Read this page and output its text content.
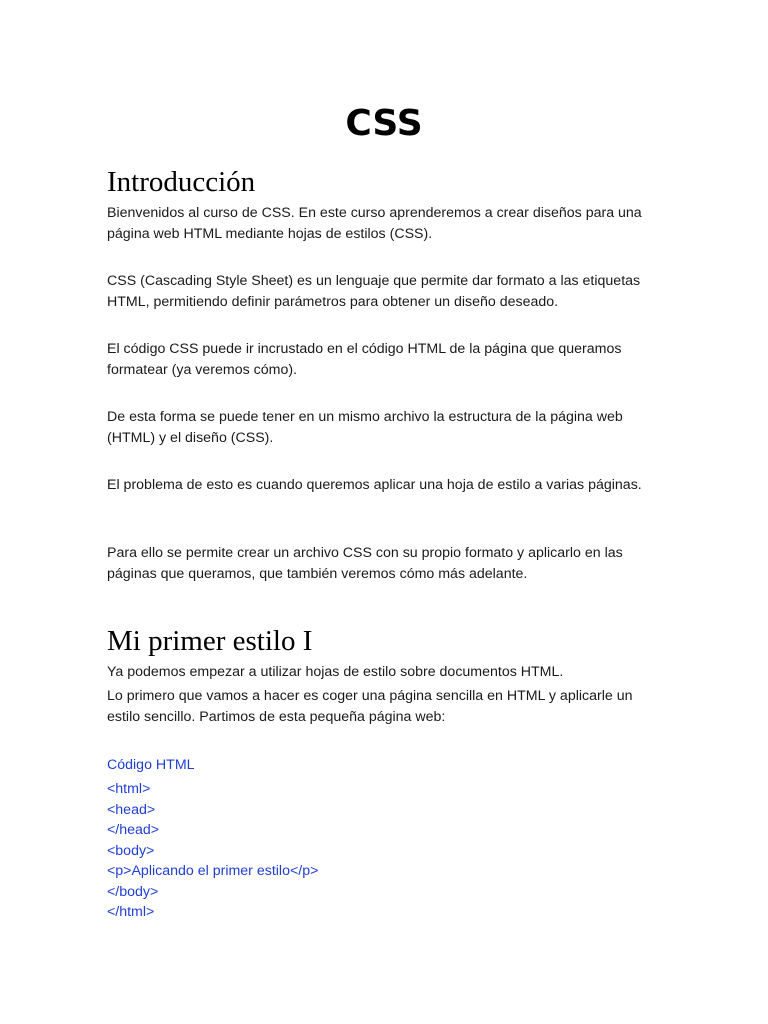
CSS
Introducción

Bienvenidos al curso de CSS. En este curso aprenderemos a crear diseños para una página web HTML mediante hojas de estilos (CSS).

CSS (Cascading Style Sheet) es un lenguaje que permite dar formato a las etiquetas HTML, permitiendo definir parámetros para obtener un diseño deseado.

El código CSS puede ir incrustado en el código HTML de la página que queramos formatear (ya veremos cómo).

De esta forma se puede tener en un mismo archivo la estructura de la página web (HTML) y el diseño (CSS).

El problema de esto es cuando queremos aplicar una hoja de estilo a varias páginas.

Para ello se permite crear un archivo CSS con su propio formato y aplicarlo en las páginas que queramos, que también veremos cómo más adelante.

Mi primer estilo I

Ya podemos empezar a utilizar hojas de estilo sobre documentos HTML.

Lo primero que vamos a hacer es coger una página sencilla en HTML y aplicarle un estilo sencillo. Partimos de esta pequeña página web:

Código HTML

<html>
<head>
</head>
<body>
<p>Aplicando el primer estilo</p>
</body>
</html>
